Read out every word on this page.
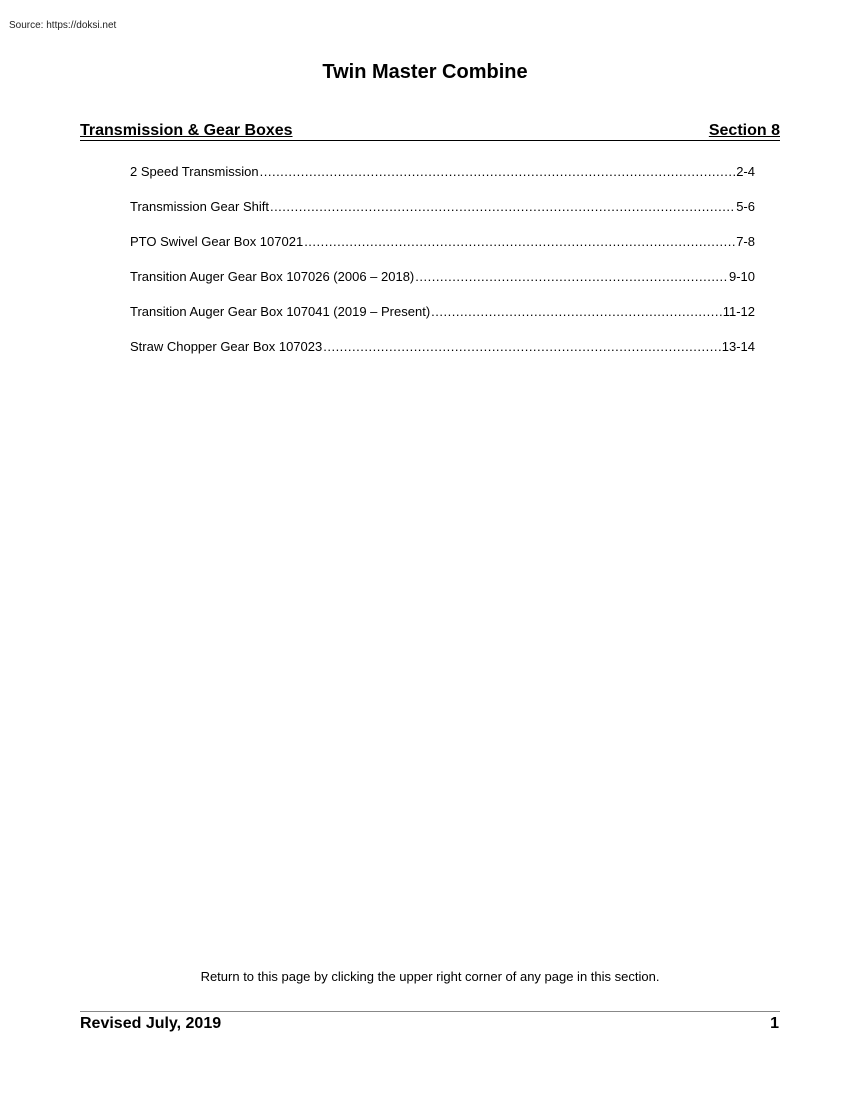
Source: https://doksi.net
Twin Master Combine
Transmission & Gear Boxes	Section 8
2 Speed Transmission .....	2-4
Transmission Gear Shift .....	5-6
PTO Swivel Gear Box 107021 .....	7-8
Transition Auger Gear Box 107026 (2006 – 2018) .....	9-10
Transition Auger Gear Box 107041 (2019 – Present) .....	11-12
Straw Chopper Gear Box 107023 .....	13-14
Return to this page by clicking the upper right corner of any page in this section.
Revised July, 2019	1
